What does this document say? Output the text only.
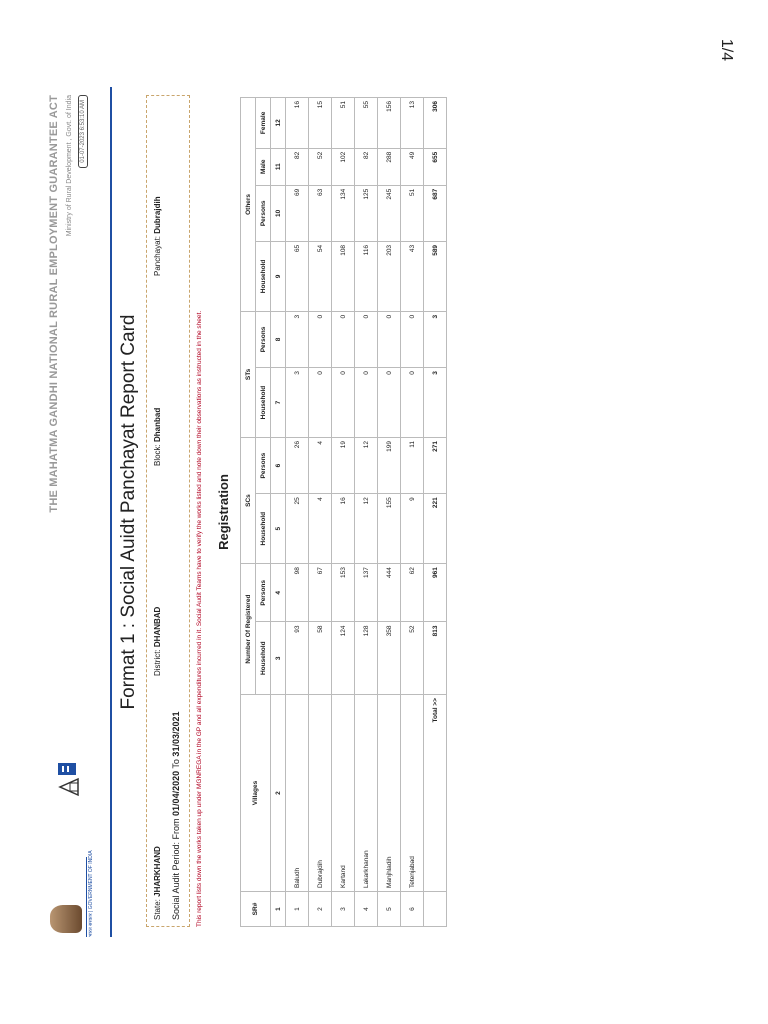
1/4
भारत सरकार | GOVERNMENT OF INDIA
THE MAHATMA GANDHI NATIONAL RURAL EMPLOYMENT GUARANTEE ACT Ministry of Rural Development , Govt. of India	01-07-2023 6:53:10 AM
Format 1 : Social Auidt Panchayat Report Card
State: JHARKHAND
District: DHANBAD
Block: Dhanbad
Panchayat: Dubrajdih
Social Audit Period: From 01/04/2020 To 31/03/2021 This report lists down the works taken up under MGNREGA in the GP and all expenditures incurred in it. Social Audit Teams have to verify the works listed and note down their observations as instructed in the sheet. Registration
SR#	Villages	Number Of Registered		SCs		STs		Others			
		Household	Persons	Household	Persons	Household	Persons	Household	Persons	Male	Female
1	2	3	4	5	6	7	8	9	10	11	12
1	Baludh	93	98	25	26	3	3	65	69	82	16
2	Dubrajdih	58	67	4	4	0	0	54	63	52	15
3	Kartand	124	153	16	19	0	0	108	134	102	51
4	Lakarkhanan	128	137	12	12	0	0	116	125	82	55
5	Manjhladih	358	444	155	199	0	0	203	245	288	156
6	Tetenjabad	52	62	9	11	0	0	43	51	49	13
	Total >>	813	961	221	271	3	3	589	687	655	306
